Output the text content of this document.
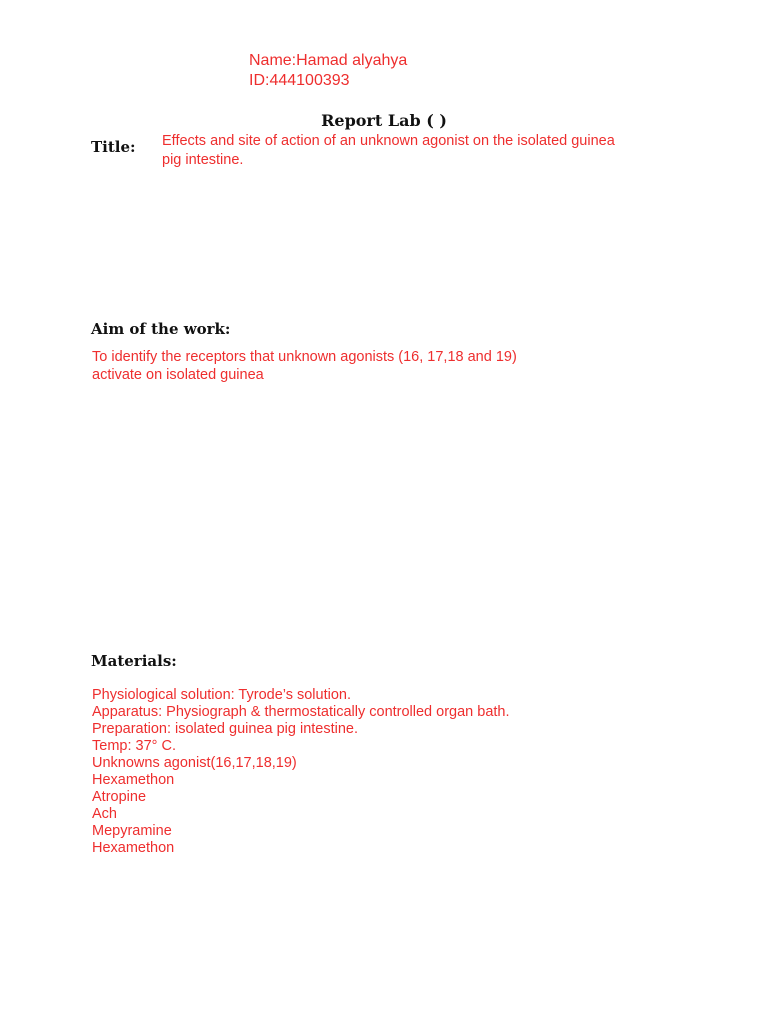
Name:Hamad alyahya
ID:444100393
Report Lab ( )
Title: Effects and site of action of an unknown agonist on the isolated guinea pig intestine.
Aim of the work:
To identify the receptors that unknown agonists (16, 17,18 and 19) activate on isolated guinea
Materials:
Physiological solution: Tyrode’s solution.
Apparatus: Physiograph & thermostatically controlled organ bath.
Preparation: isolated guinea pig intestine.
Temp: 37° C.
Unknowns agonist(16,17,18,19)
Hexamethon
Atropine
Ach
Mepyramine
Hexamethon
